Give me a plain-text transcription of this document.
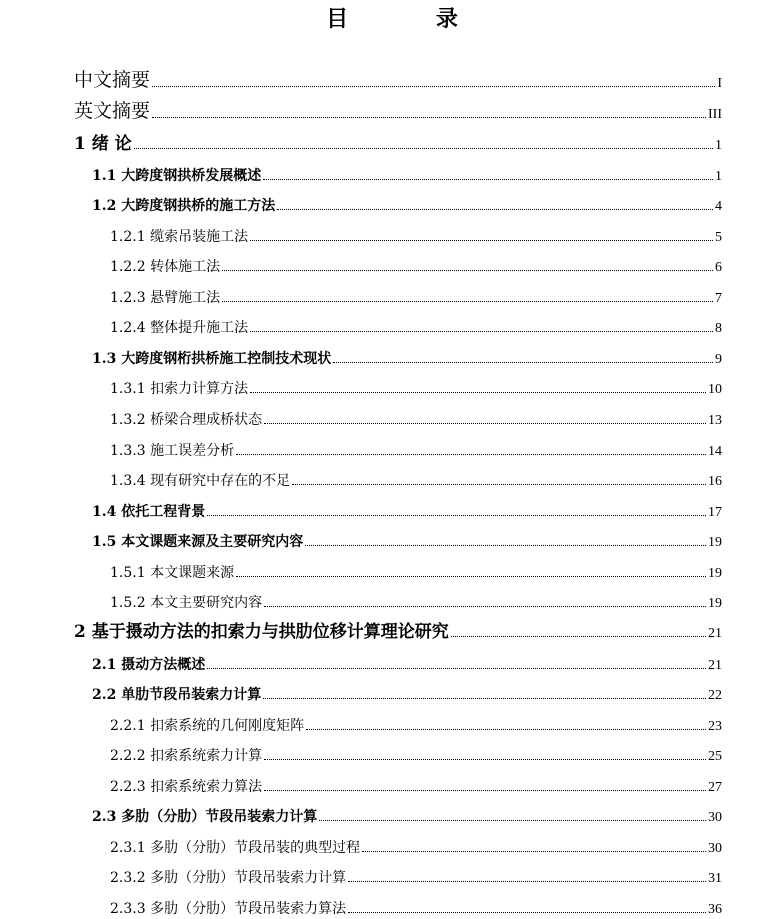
目 录
中文摘要	I
英文摘要	III
1 绪 论	1
1.1 大跨度钢拱桥发展概述	1
1.2 大跨度钢拱桥的施工方法	4
1.2.1 缆索吊装施工法	5
1.2.2 转体施工法	6
1.2.3 悬臂施工法	7
1.2.4 整体提升施工法	8
1.3 大跨度钢桁拱桥施工控制技术现状	9
1.3.1 扣索力计算方法	10
1.3.2 桥梁合理成桥状态	13
1.3.3 施工误差分析	14
1.3.4 现有研究中存在的不足	16
1.4 依托工程背景	17
1.5 本文课题来源及主要研究内容	19
1.5.1 本文课题来源	19
1.5.2 本文主要研究内容	19
2 基于摄动方法的扣索力与拱肋位移计算理论研究	21
2.1 摄动方法概述	21
2.2 单肋节段吊装索力计算	22
2.2.1 扣索系统的几何刚度矩阵	23
2.2.2 扣索系统索力计算	25
2.2.3 扣索系统索力算法	27
2.3 多肋（分肋）节段吊装索力计算	30
2.3.1 多肋（分肋）节段吊装的典型过程	30
2.3.2 多肋（分肋）节段吊装索力计算	31
2.3.3 多肋（分肋）节段吊装索力算法	36
